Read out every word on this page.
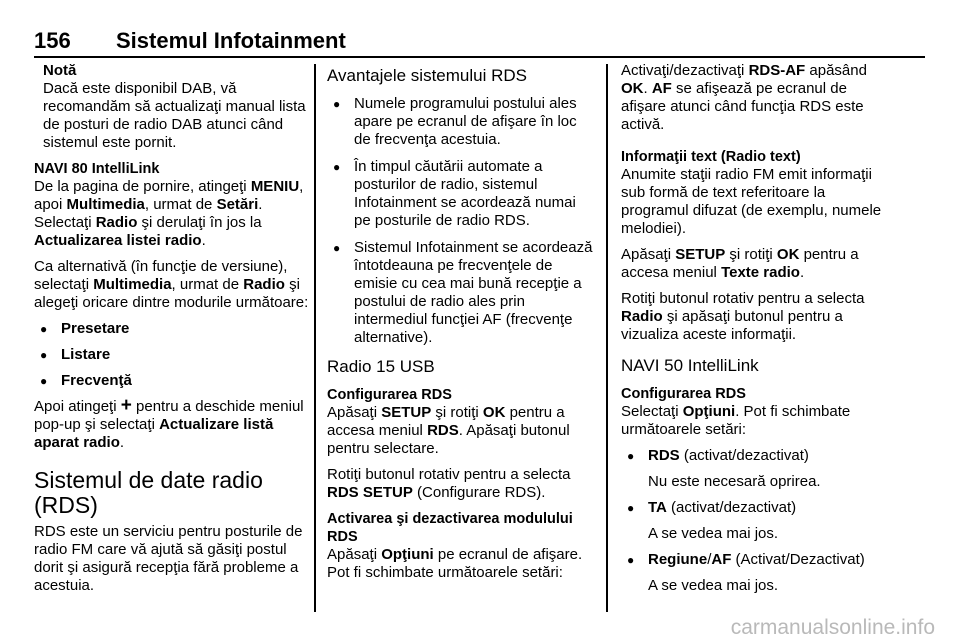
156 Sistemul Infotainment
Notă
Dacă este disponibil DAB, vă recomandăm să actualizaţi manual lista de posturi de radio DAB atunci când sistemul este pornit.
NAVI 80 IntelliLink

De la pagina de pornire, atingeţi MENIU, apoi Multimedia, urmat de Setări. Selectaţi Radio şi derulaţi în jos la Actualizarea listei radio.

Ca alternativă (în funcţie de versiune), selectaţi Multimedia, urmat de Radio şi alegeţi oricare dintre modurile următoare:

● Presetare
● Listare
● Frecvenţă

Apoi atingeţi + pentru a deschide meniul pop-up şi selectaţi Actualizare listă aparat radio.

Sistemul de date radio (RDS)

RDS este un serviciu pentru posturile de radio FM care vă ajută să găsiţi postul dorit şi asigură recepţia fără probleme a acestuia.

Avantajele sistemului RDS
● Numele programului postului ales apare pe ecranul de afişare în loc de frecvenţa acestuia.
● În timpul căutării automate a posturilor de radio, sistemul Infotainment se acordează numai pe posturile de radio RDS.
● Sistemul Infotainment se acordează întotdeauna pe frecvenţele de emisie cu cea mai bună recepţie a postului de radio ales prin intermediul funcţiei AF (frecvenţe alternative).
Radio 15 USB
Configurarea RDS

Apăsaţi SETUP şi rotiţi OK pentru a accesa meniul RDS. Apăsaţi butonul pentru selectare.

Rotiţi butonul rotativ pentru a selecta RDS SETUP (Configurare RDS).

Activarea şi dezactivarea modulului RDS

Apăsaţi Opţiuni pe ecranul de afişare. Pot fi schimbate următoarele setări:

Activaţi/dezactivaţi RDS-AF apăsând OK. AF se afişează pe ecranul de afişare atunci când funcţia RDS este activă.

Informaţii text (Radio text)

Anumite staţii radio FM emit informaţii sub formă de text referitoare la programul difuzat (de exemplu, numele melodiei).

Apăsaţi SETUP şi rotiţi OK pentru a accesa meniul Texte radio.

Rotiţi butonul rotativ pentru a selecta Radio şi apăsaţi butonul pentru a vizualiza aceste informaţii.

NAVI 50 IntelliLink
Configurarea RDS

Selectaţi Opţiuni. Pot fi schimbate următoarele setări:

● RDS (activat/dezactivat)
Nu este necesară oprirea.
● TA (activat/dezactivat)
A se vedea mai jos.
● Regiune/AF (Activat/Dezactivat)
A se vedea mai jos.
carmanualsonline.info
